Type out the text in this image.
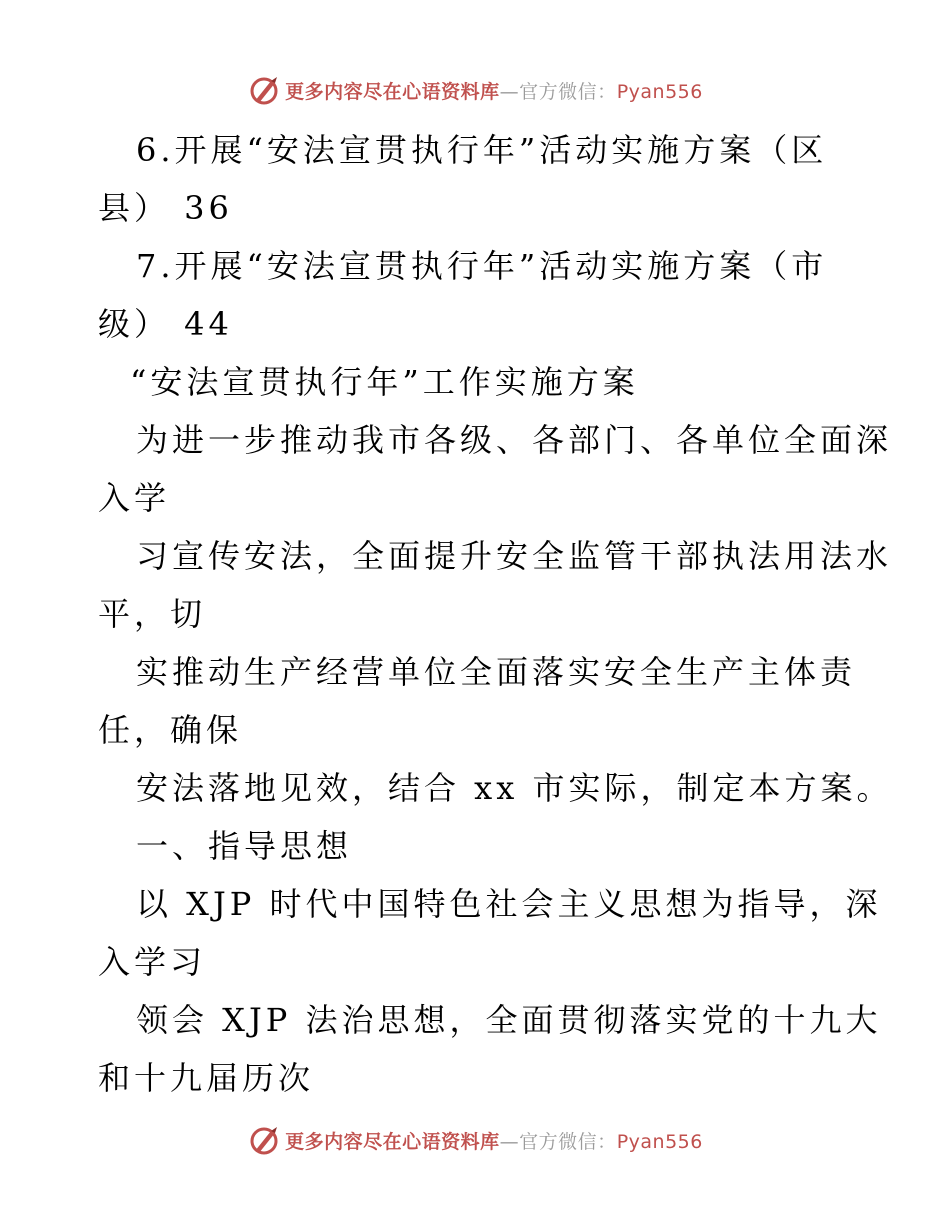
更多内容尽在心语资料库—官方微信：Pyan556
6.开展“安法宣贯执行年”活动实施方案（区
县） 36
7.开展“安法宣贯执行年”活动实施方案（市
级） 44
“安法宣贯执行年”工作实施方案
为进一步推动我市各级、各部门、各单位全面深
入学
习宣传安法，全面提升安全监管干部执法用法水
平，切
实推动生产经营单位全面落实安全生产主体责
任，确保
安法落地见效，结合 xx 市实际，制定本方案。
一、指导思想
以 XJP 时代中国特色社会主义思想为指导，深
入学习
领会 XJP 法治思想，全面贯彻落实党的十九大
和十九届历次
更多内容尽在心语资料库—官方微信：Pyan556
